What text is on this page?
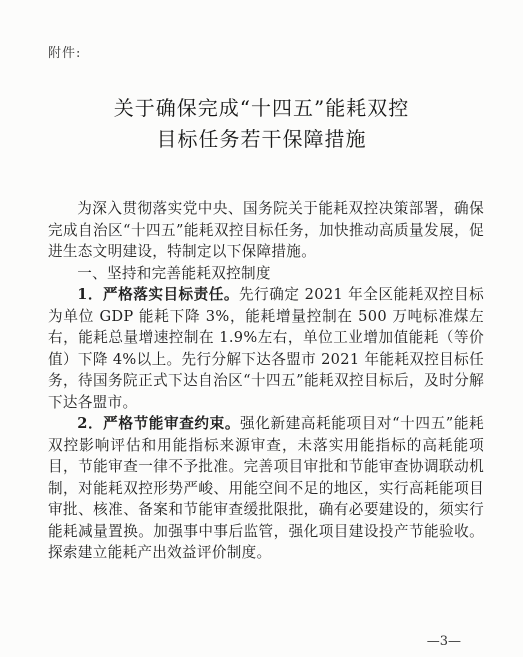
附件:
关于确保完成“十四五”能耗双控
目标任务若干保障措施

为深入贯彻落实党中央、国务院关于能耗双控决策部署，确保完成自治区“十四五”能耗双控目标任务，加快推动高质量发展，促进生态文明建设，特制定以下保障措施。

一、坚持和完善能耗双控制度

1．严格落实目标责任。先行确定 2021 年全区能耗双控目标为单位 GDP 能耗下降 3%，能耗增量控制在 500 万吨标准煤左右，能耗总量增速控制在 1.9%左右，单位工业增加值能耗（等价值）下降 4%以上。先行分解下达各盟市 2021 年能耗双控目标任务，待国务院正式下达自治区“十四五”能耗双控目标后，及时分解下达各盟市。

2．严格节能审查约束。强化新建高耗能项目对“十四五”能耗双控影响评估和用能指标来源审查，未落实用能指标的高耗能项目，节能审查一律不予批准。完善项目审批和节能审查协调联动机制，对能耗双控形势严峻、用能空间不足的地区，实行高耗能项目审批、核准、备案和节能审查缓批限批，确有必要建设的，须实行能耗减量置换。加强事中事后监管，强化项目建设投产节能验收。探索建立能耗产出效益评价制度。

—3—
